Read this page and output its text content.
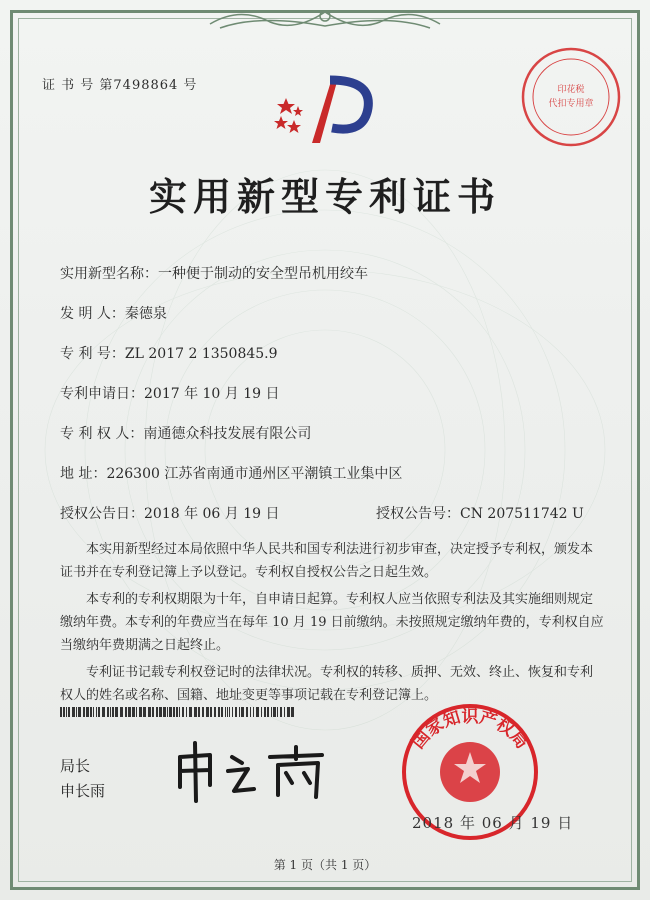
证 书 号 第7498864 号	印花税
代扣专用章
实用新型专利证书
实用新型名称：一种便于制动的安全型吊机用绞车
发 明 人：秦德泉
专 利 号：ZL 2017 2 1350845.9
专利申请日：2017 年 10 月 19 日
专 利 权 人：南通德众科技发展有限公司
地 址：226300 江苏省南通市通州区平潮镇工业集中区
授权公告日：2018 年 06 月 19 日	授权公告号：CN 207511742 U

本实用新型经过本局依照中华人民共和国专利法进行初步审查，决定授予专利权，颁发本证书并在专利登记簿上予以登记。专利权自授权公告之日起生效。

本专利的专利权期限为十年，自申请日起算。专利权人应当依照专利法及其实施细则规定缴纳年费。本专利的年费应当在每年 10 月 19 日前缴纳。未按照规定缴纳年费的，专利权自应当缴纳年费期满之日起终止。

专利证书记载专利权登记时的法律状况。专利权的转移、质押、无效、终止、恢复和专利权人的姓名或名称、国籍、地址变更等事项记载在专利登记簿上。

局长
申长雨
国家知识产权局
2018 年 06 月 19 日
第 1 页（共 1 页）
